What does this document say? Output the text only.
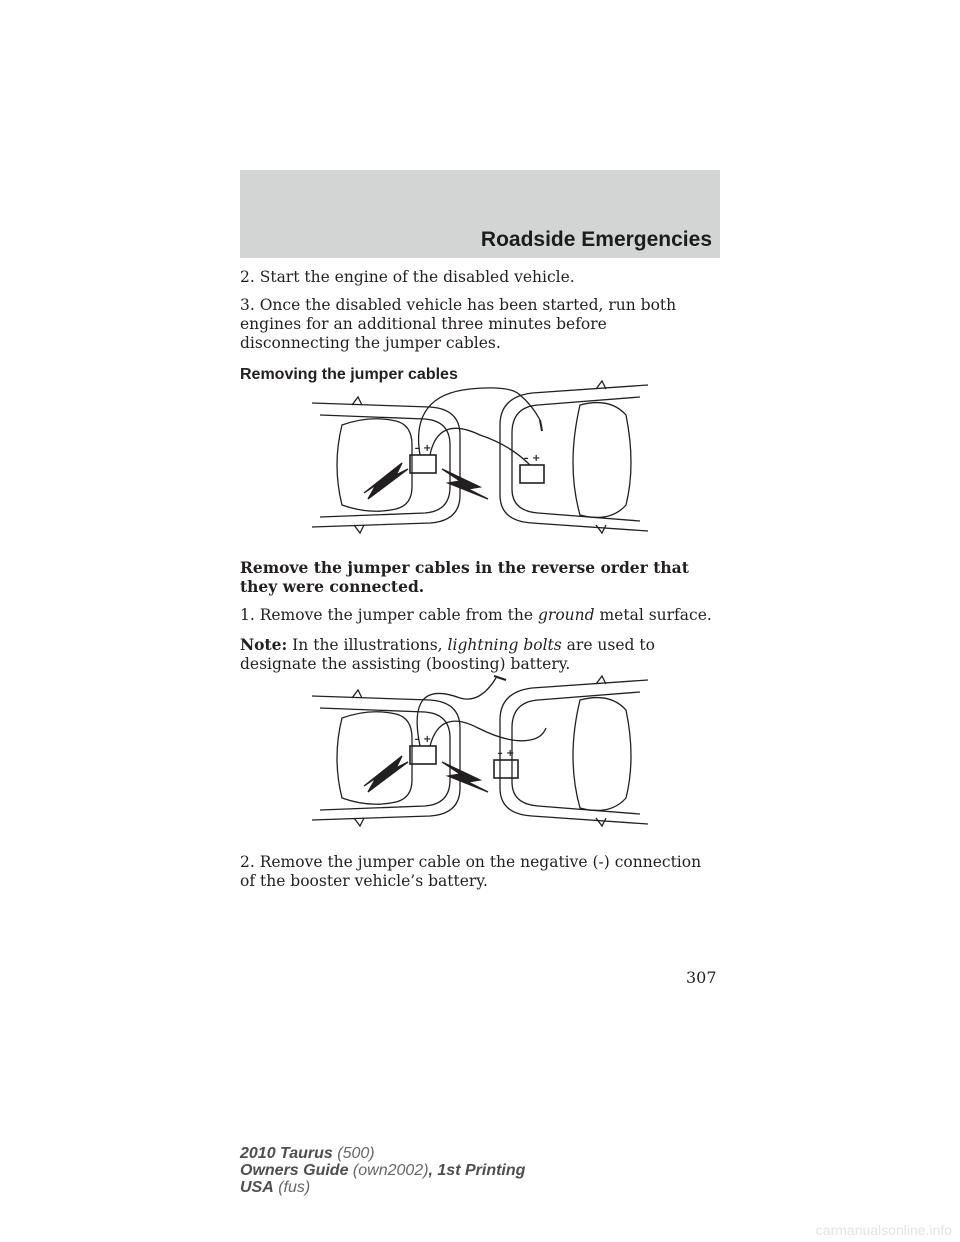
Roadside Emergencies

2. Start the engine of the disabled vehicle.

3. Once the disabled vehicle has been started, run both engines for an additional three minutes before disconnecting the jumper cables.

Removing the jumper cables

– +
– +

Remove the jumper cables in the reverse order that they were connected.

1. Remove the jumper cable from the ground metal surface.

Note: In the illustrations, lightning bolts are used to designate the assisting (boosting) battery.

– +
– +

2. Remove the jumper cable on the negative (-) connection of the booster vehicle’s battery.

307
2010 Taurus (500)
Owners Guide (own2002), 1st Printing
USA (fus)
carmanualsonline.info
